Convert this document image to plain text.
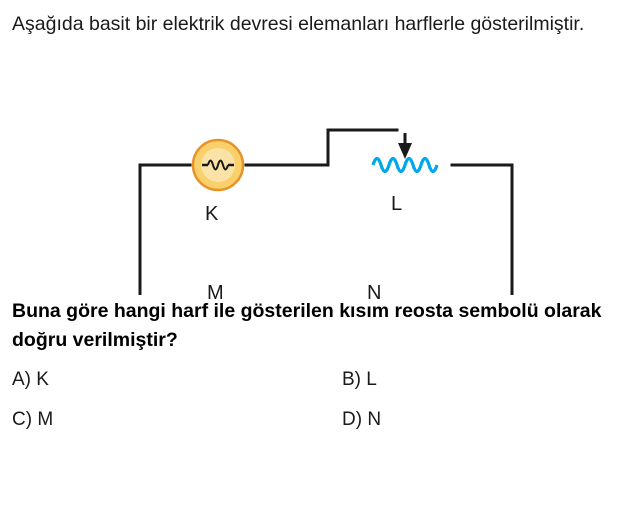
Aşağıda basit bir elektrik devresi elemanları harflerle gösterilmiştir.

K	L
M	N

Buna göre hangi harf ile gösterilen kısım reosta sembolü olarak doğru verilmiştir?

A) K	B) L
C) M	D) N
